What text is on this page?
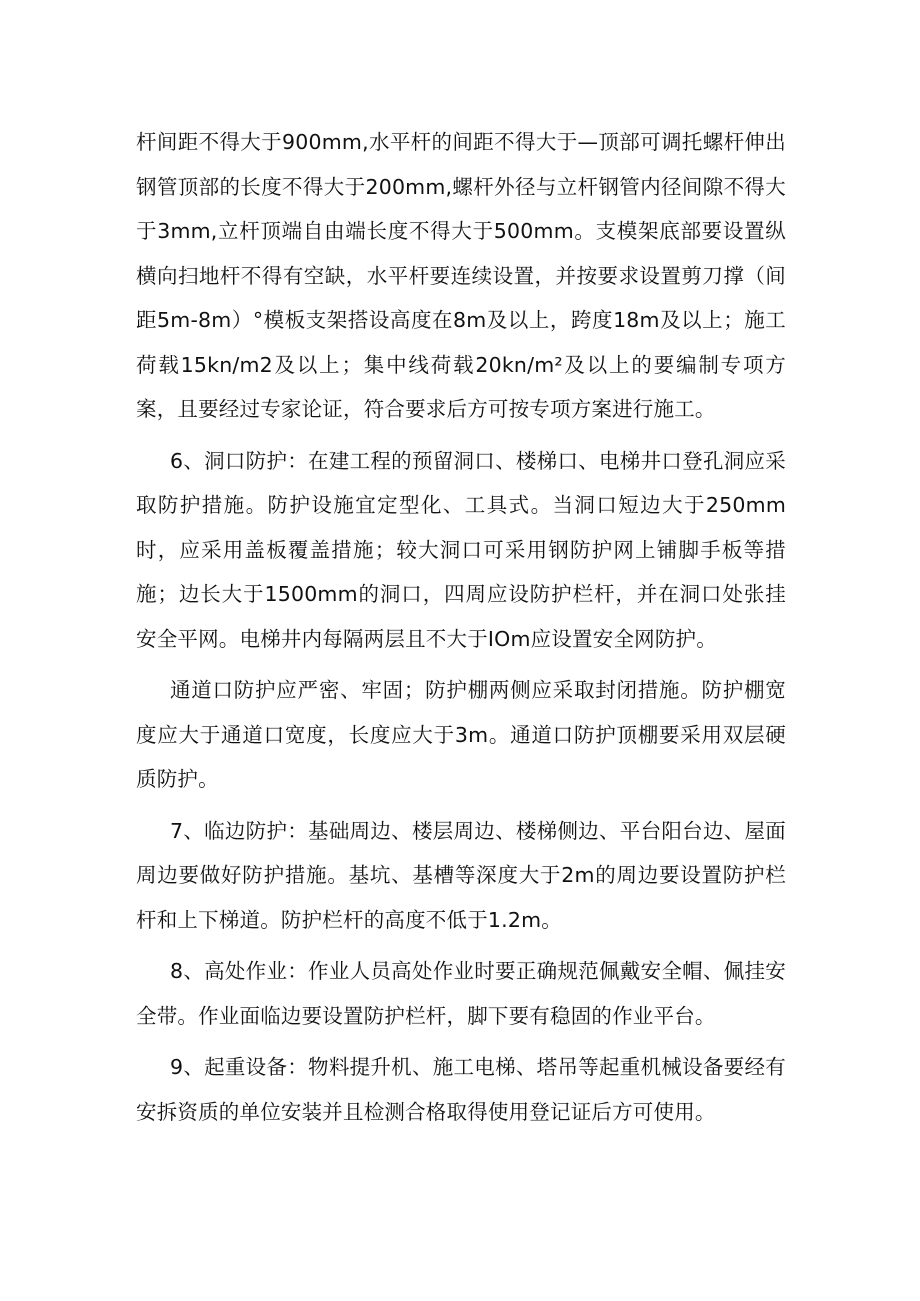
杆间距不得大于900mm,水平杆的间距不得大于—顶部可调托螺杆伸出钢管顶部的长度不得大于200mm,螺杆外径与立杆钢管内径间隙不得大于3mm,立杆顶端自由端长度不得大于500mm。支模架底部要设置纵横向扫地杆不得有空缺，水平杆要连续设置，并按要求设置剪刀撑（间距5m-8m）°模板支架搭设高度在8m及以上，跨度18m及以上；施工荷载15kn∕m2及以上；集中线荷载20kn∕m²及以上的要编制专项方案，且要经过专家论证，符合要求后方可按专项方案进行施工。

6、洞口防护：在建工程的预留洞口、楼梯口、电梯井口登孔洞应采取防护措施。防护设施宜定型化、工具式。当洞口短边大于250mm时，应采用盖板覆盖措施；较大洞口可采用钢防护网上铺脚手板等措施；边长大于1500mm的洞口，四周应设防护栏杆，并在洞口处张挂安全平网。电梯井内每隔两层且不大于IOm应设置安全网防护。

通道口防护应严密、牢固；防护棚两侧应采取封闭措施。防护棚宽度应大于通道口宽度，长度应大于3m。通道口防护顶棚要采用双层硬质防护。

7、临边防护：基础周边、楼层周边、楼梯侧边、平台阳台边、屋面周边要做好防护措施。基坑、基槽等深度大于2m的周边要设置防护栏杆和上下梯道。防护栏杆的高度不低于1.2m。

8、高处作业：作业人员高处作业时要正确规范佩戴安全帽、佩挂安全带。作业面临边要设置防护栏杆，脚下要有稳固的作业平台。

9、起重设备：物料提升机、施工电梯、塔吊等起重机械设备要经有安拆资质的单位安装并且检测合格取得使用登记证后方可使用。
